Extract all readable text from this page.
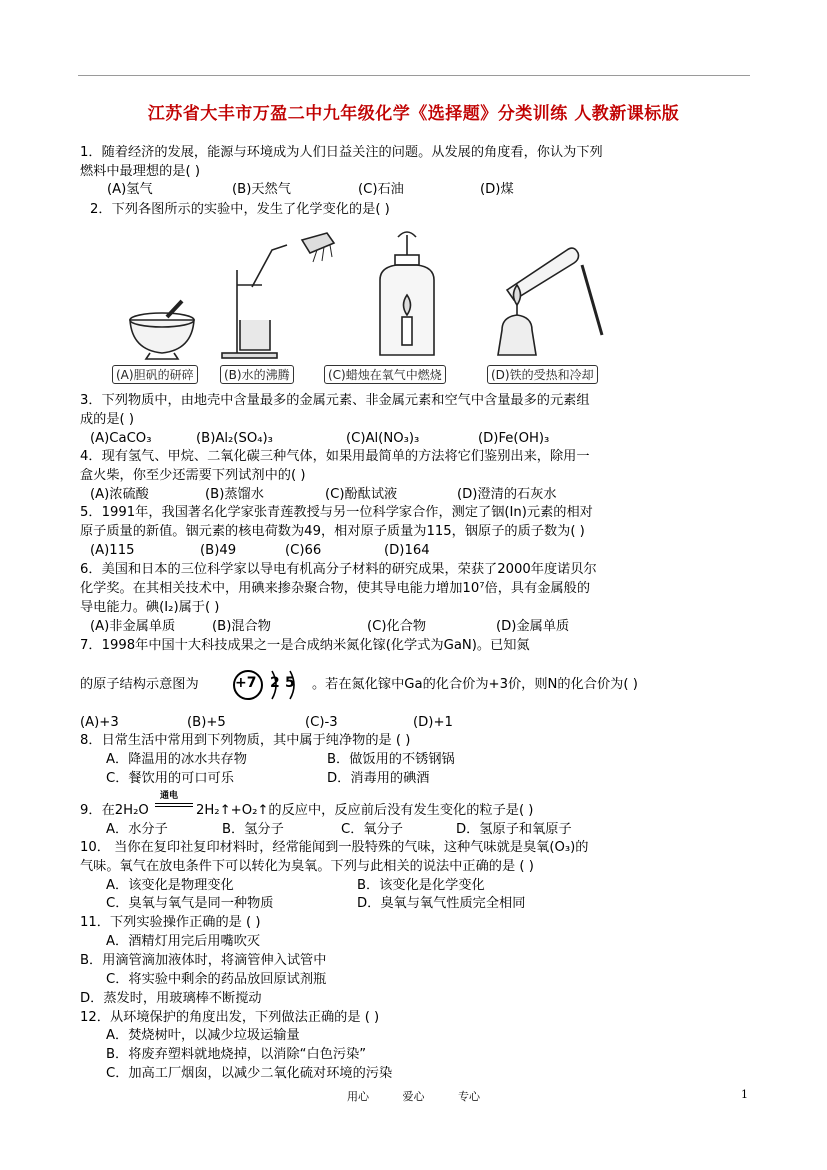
江苏省大丰市万盈二中九年级化学《选择题》分类训练 人教新课标版
1．随着经济的发展，能源与环境成为人们日益关注的问题。从发展的角度看，你认为下列
燃料中最理想的是( )
(A)氢气	(B)天然气	(C)石油	(D)煤
2．下列各图所示的实验中，发生了化学变化的是( )
(A)胆矾的研碎	(B)水的沸腾	(C)蜡烛在氧气中燃烧	(D)铁的受热和冷却
3．下列物质中，由地壳中含量最多的金属元素、非金属元素和空气中含量最多的元素组
成的是( )
(A)CaCO₃	(B)Al₂(SO₄)₃	(C)Al(NO₃)₃	(D)Fe(OH)₃
4．现有氢气、甲烷、二氧化碳三种气体，如果用最简单的方法将它们鉴别出来，除用一
盒火柴，你至少还需要下列试剂中的( )
(A)浓硫酸	(B)蒸馏水	(C)酚酞试液	(D)澄清的石灰水
5．1991年，我国著名化学家张青莲教授与另一位科学家合作，测定了铟(In)元素的相对
原子质量的新值。铟元素的核电荷数为49，相对原子质量为115，铟原子的质子数为( )
(A)115	(B)49	(C)66	(D)164
6．美国和日本的三位科学家以导电有机高分子材料的研究成果，荣获了2000年度诺贝尔
化学奖。在其相关技术中，用碘来掺杂聚合物，使其导电能力增加10⁷倍，具有金属般的
导电能力。碘(I₂)属于( )
(A)非金属单质	(B)混合物	(C)化合物	(D)金属单质
7．1998年中国十大科技成果之一是合成纳米氮化镓(化学式为GaN)。已知氮
的原子结构示意图为	+7 2 5 。若在氮化镓中Ga的化合价为+3价，则N的化合价为( )
(A)+3	(B)+5	(C)-3	(D)+1
8．日常生活中常用到下列物质，其中属于纯净物的是 ( )
A．降温用的冰水共存物	B．做饭用的不锈钢锅
C．餐饮用的可口可乐	D．消毒用的碘酒
9．在2H₂O
通电
2H₂↑+O₂↑的反应中，反应前后没有发生变化的粒子是( )
A．水分子	B．氢分子	C．氧分子	D．氢原子和氧原子
10． 当你在复印社复印材料时，经常能闻到一股特殊的气味，这种气味就是臭氧(O₃)的
气味。氧气在放电条件下可以转化为臭氧。下列与此相关的说法中正确的是 ( )
A．该变化是物理变化	B．该变化是化学变化
C．臭氧与氧气是同一种物质	D．臭氧与氧气性质完全相同
11．下列实验操作正确的是 ( )
A．酒精灯用完后用嘴吹灭
B．用滴管滴加液体时，将滴管伸入试管中
C．将实验中剩余的药品放回原试剂瓶
D．蒸发时，用玻璃棒不断搅动
12．从环境保护的角度出发，下列做法正确的是 ( )
A．焚烧树叶，以减少垃圾运输量
B．将废弃塑料就地烧掉，以消除“白色污染”
C．加高工厂烟囱，以减少二氧化硫对环境的污染
用心	爱心	专心	1
